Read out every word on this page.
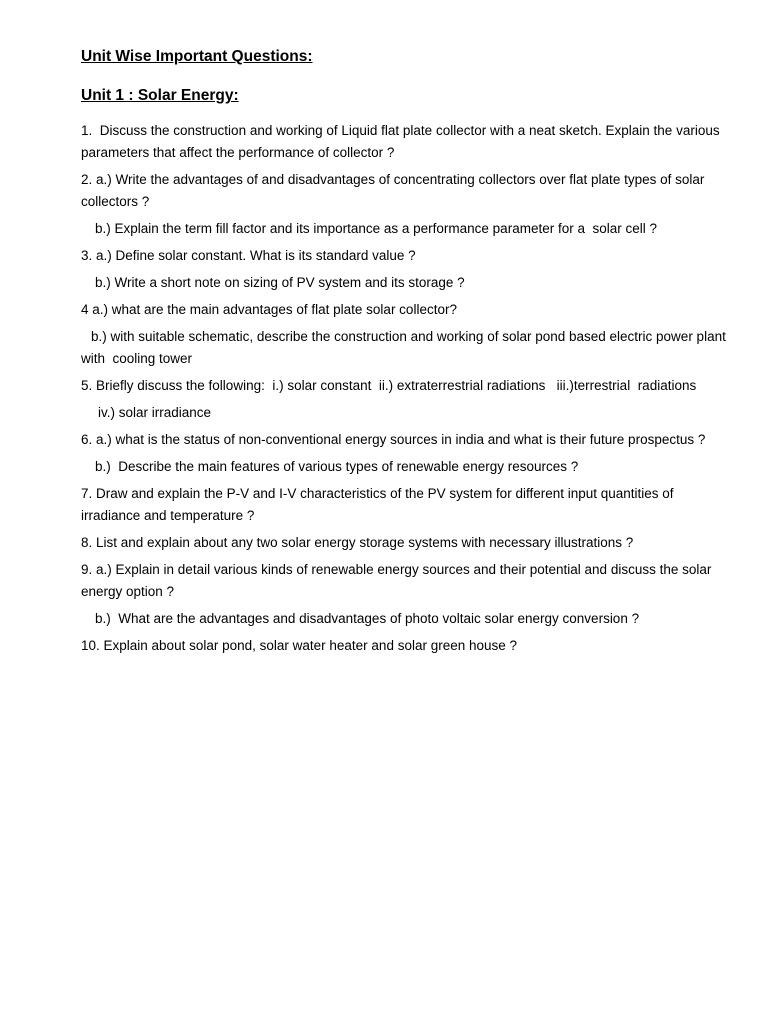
Unit Wise Important Questions:

Unit 1 : Solar Energy:

1.  Discuss the construction and working of Liquid flat plate collector with a neat sketch. Explain the various parameters that affect the performance of collector ?

2. a.) Write the advantages of and disadvantages of concentrating collectors over flat plate types of solar collectors ?

b.) Explain the term fill factor and its importance as a performance parameter for a  solar cell ?

3. a.) Define solar constant. What is its standard value ?

b.) Write a short note on sizing of PV system and its storage ?

4 a.) what are the main advantages of flat plate solar collector?

b.) with suitable schematic, describe the construction and working of solar pond based electric power plant with  cooling tower

5. Briefly discuss the following:  i.) solar constant  ii.) extraterrestrial radiations   iii.)terrestrial  radiations

iv.) solar irradiance

6. a.) what is the status of non-conventional energy sources in india and what is their future prospectus ?

b.)  Describe the main features of various types of renewable energy resources ?

7. Draw and explain the P-V and I-V characteristics of the PV system for different input quantities of irradiance and temperature ?

8. List and explain about any two solar energy storage systems with necessary illustrations ?

9. a.) Explain in detail various kinds of renewable energy sources and their potential and discuss the solar energy option ?

b.)  What are the advantages and disadvantages of photo voltaic solar energy conversion ?

10. Explain about solar pond, solar water heater and solar green house ?
